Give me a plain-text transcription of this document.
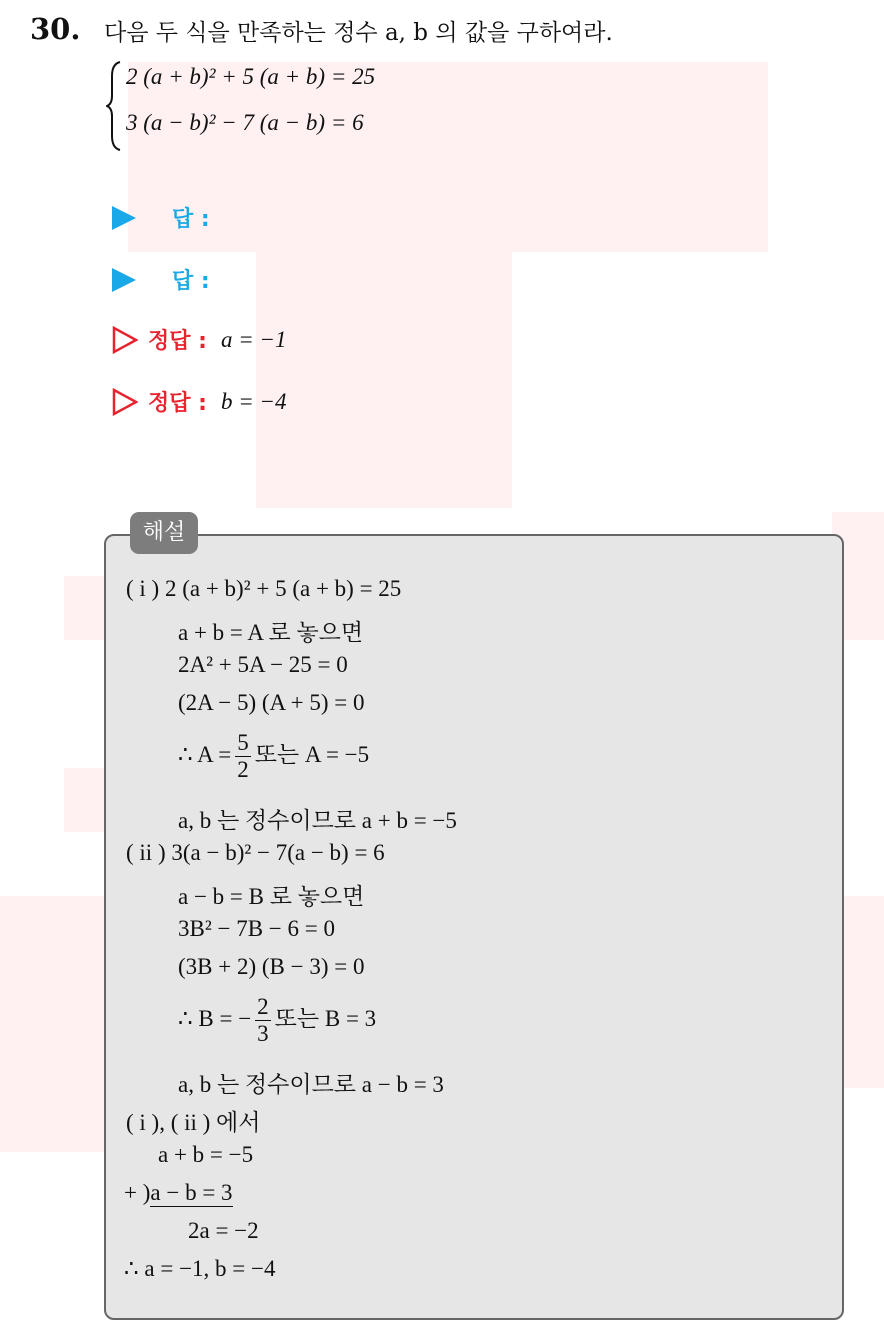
30. 다음 두 식을 만족하는 정수 a, b 의 값을 구하여라.
2 (a + b)² + 5 (a + b) = 25
3 (a − b)² − 7 (a − b) = 6
답 :
답 :
정답 : a = −1
정답 : b = −4
해설
( i ) 2 (a + b)² + 5 (a + b) = 25
a + b = A 로 놓으면
2A² + 5A − 25 = 0
(2A − 5) (A + 5) = 0
∴ $A = \frac{5}{2}$ 또는 A = −5
a, b 는 정수이므로 a + b = −5
( ii ) 3(a − b)² − 7(a − b) = 6
a − b = B 로 놓으면
3B² − 7B − 6 = 0
(3B + 2) (B − 3) = 0
∴ B = − $\frac{2}{3}$ 또는 B = 3
a, b 는 정수이므로 a − b = 3
( i ), ( ii ) 에서
a + b = −5
+ )a − b = 3
2a = −2
∴ a = −1, b = −4
